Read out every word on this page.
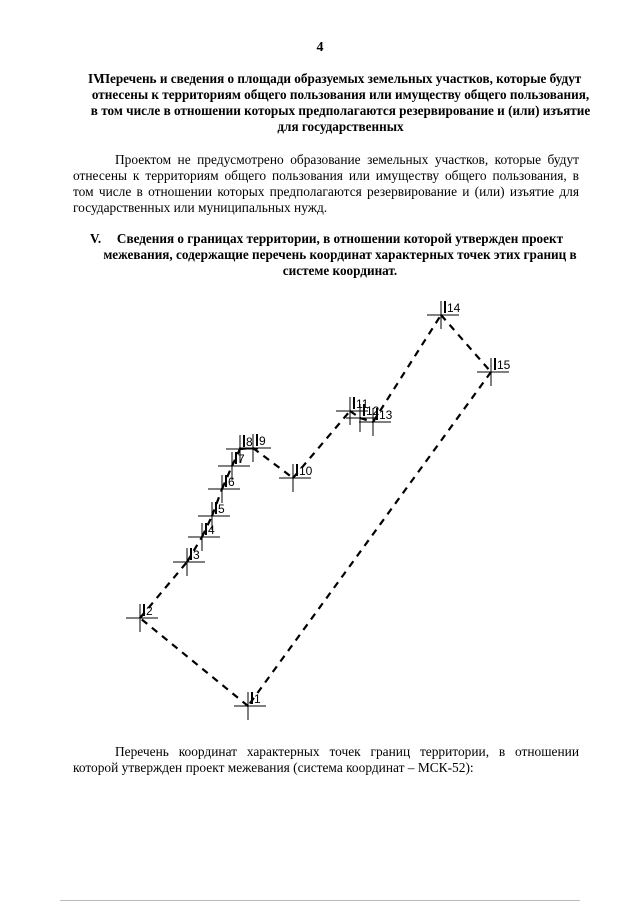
4
IV.
Перечень и сведения о площади образуемых земельных участков, которые будут отнесены к территориям общего пользования или имуществу общего пользования, в том числе в отношении которых предполагаются резервирование и (или) изъятие для государственных
Проектом не предусмотрено образование земельных участков, которые будут отнесены к территориям общего пользования или имуществу общего пользования, в том числе в отношении которых предполагаются резервирование и (или) изъятие для государственных или муниципальных нужд.
V.	Сведения о границах территории, в отношении которой утвержден проект межевания, содержащие перечень координат характерных точек этих границ в системе координат.
1
2
3
4
5
6
7
8 9
10
11
12 13
14
15
Перечень координат характерных точек границ территории, в отношении которой утвержден проект межевания (система координат – МСК-52):
